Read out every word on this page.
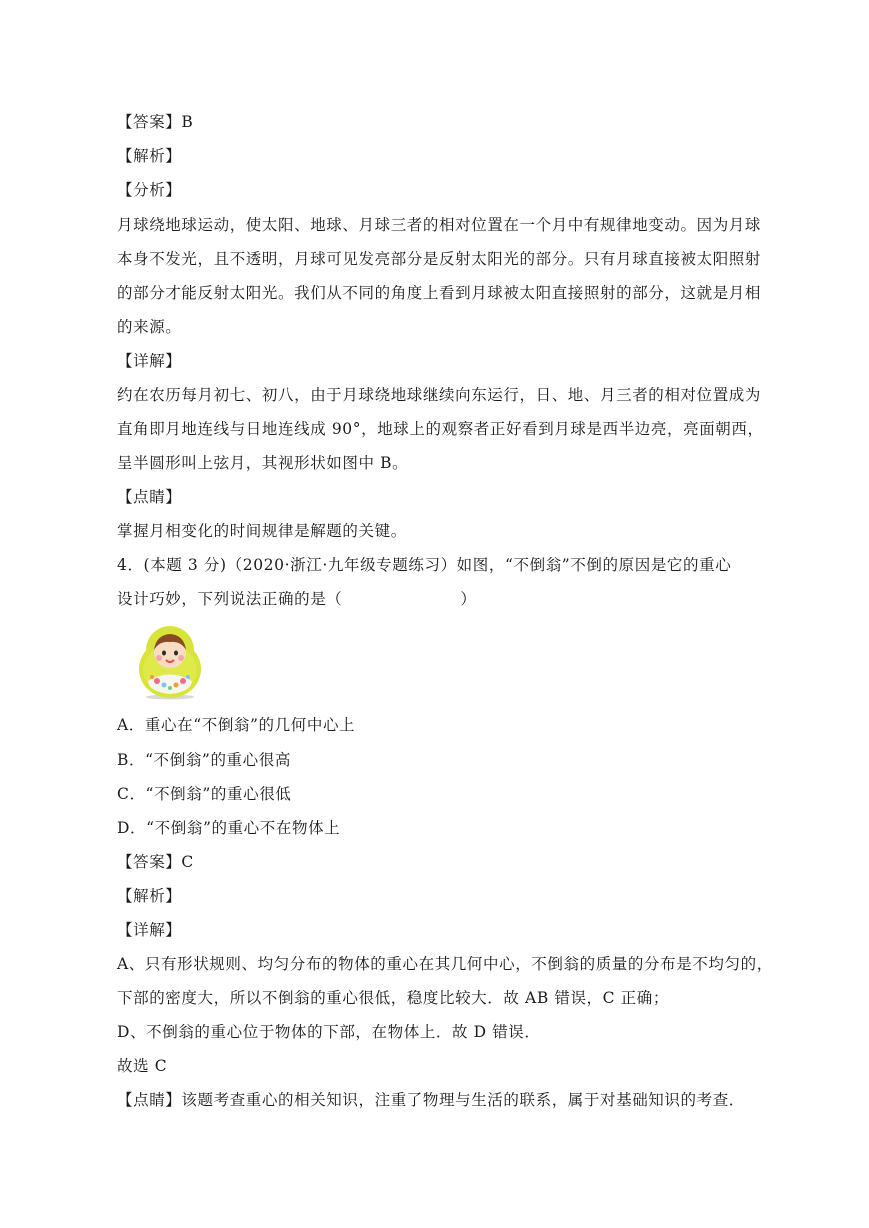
【答案】B
【解析】
【分析】
月球绕地球运动，使太阳、地球、月球三者的相对位置在一个月中有规律地变动。因为月球
本身不发光，且不透明，月球可见发亮部分是反射太阳光的部分。只有月球直接被太阳照射
的部分才能反射太阳光。我们从不同的角度上看到月球被太阳直接照射的部分，这就是月相
的来源。
【详解】
约在农历每月初七、初八，由于月球绕地球继续向东运行，日、地、月三者的相对位置成为
直角即月地连线与日地连线成 90°，地球上的观察者正好看到月球是西半边亮，亮面朝西，
呈半圆形叫上弦月，其视形状如图中 B。
【点睛】
掌握月相变化的时间规律是解题的关键。
4．(本题 3 分)（2020·浙江·九年级专题练习）如图，“不倒翁”不倒的原因是它的重心
设计巧妙，下列说法正确的是（	）
A．重心在“不倒翁”的几何中心上
B．“不倒翁”的重心很高
C．“不倒翁”的重心很低
D．“不倒翁”的重心不在物体上
【答案】C
【解析】
【详解】
A、只有形状规则、均匀分布的物体的重心在其几何中心，不倒翁的质量的分布是不均匀的，
下部的密度大，所以不倒翁的重心很低，稳度比较大．故 AB 错误，C 正确；
D、不倒翁的重心位于物体的下部，在物体上．故 D 错误．
故选 C
【点睛】该题考查重心的相关知识，注重了物理与生活的联系，属于对基础知识的考查．
